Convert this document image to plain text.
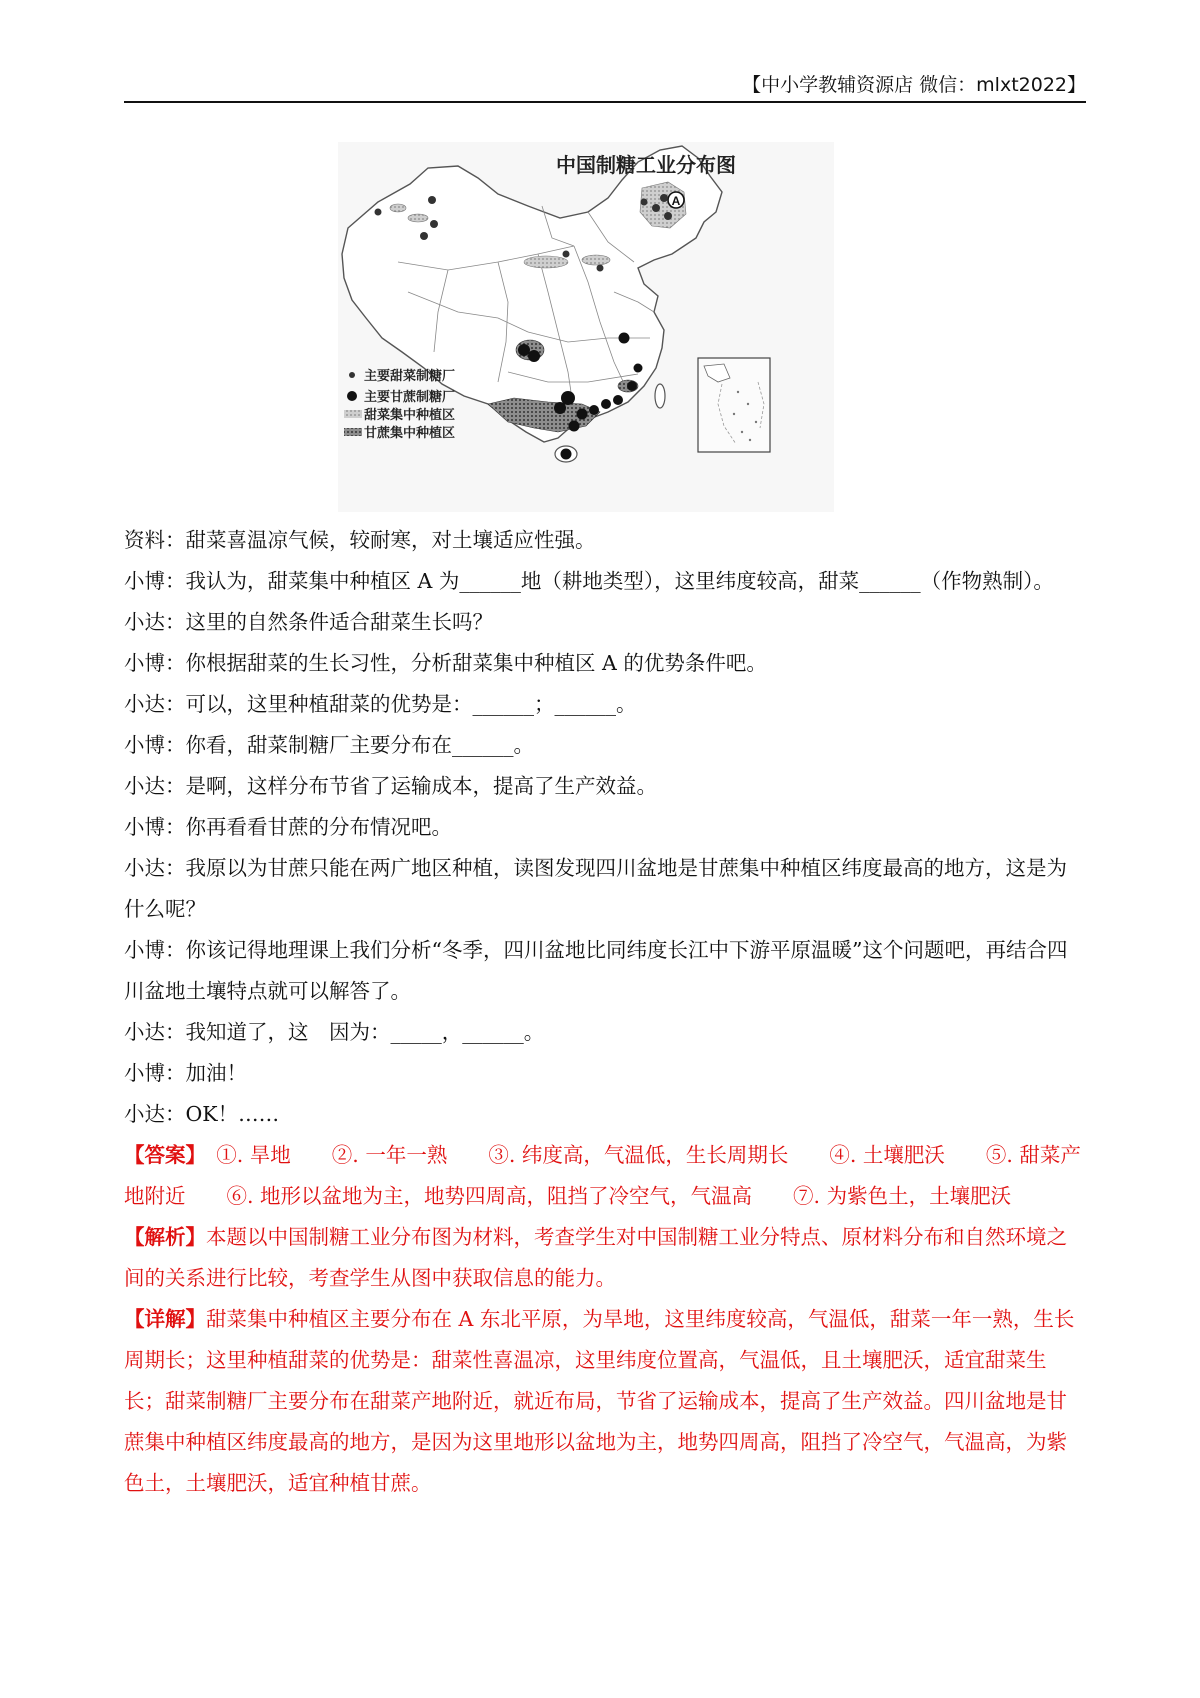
【中小学教辅资源店 微信：mlxt2022】
A
中国制糖工业分布图
主要甜菜制糖厂
主要甘蔗制糖厂
甜菜集中种植区
甘蔗集中种植区

资料：甜菜喜温凉气候，较耐寒，对土壤适应性强。

小博：我认为，甜菜集中种植区 A 为______地（耕地类型），这里纬度较高，甜菜______（作物熟制）。

小达：这里的自然条件适合甜菜生长吗？

小博：你根据甜菜的生长习性，分析甜菜集中种植区 A 的优势条件吧。

小达：可以，这里种植甜菜的优势是：______；______。

小博：你看，甜菜制糖厂主要分布在______。

小达：是啊，这样分布节省了运输成本，提高了生产效益。

小博：你再看看甘蔗的分布情况吧。

小达：我原以为甘蔗只能在两广地区种植，读图发现四川盆地是甘蔗集中种植区纬度最高的地方，这是为什么呢？

小博：你该记得地理课上我们分析“冬季，四川盆地比同纬度长江中下游平原温暖”这个问题吧，再结合四川盆地土壤特点就可以解答了。

小达：我知道了，这　因为：_____，______。

小博：加油！

小达：OK！……

【答案】　①. 旱地　　②. 一年一熟　　③. 纬度高，气温低，生长周期长　　④. 土壤肥沃　　⑤. 甜菜产地附近　　⑥. 地形以盆地为主，地势四周高，阻挡了冷空气，气温高　　⑦. 为紫色土，土壤肥沃

【解析】本题以中国制糖工业分布图为材料，考查学生对中国制糖工业分特点、原材料分布和自然环境之间的关系进行比较，考查学生从图中获取信息的能力。

【详解】甜菜集中种植区主要分布在 A 东北平原，为旱地，这里纬度较高，气温低，甜菜一年一熟，生长周期长；这里种植甜菜的优势是：甜菜性喜温凉，这里纬度位置高，气温低，且土壤肥沃，适宜甜菜生长；甜菜制糖厂主要分布在甜菜产地附近，就近布局，节省了运输成本，提高了生产效益。四川盆地是甘蔗集中种植区纬度最高的地方，是因为这里地形以盆地为主，地势四周高，阻挡了冷空气，气温高，为紫色土，土壤肥沃，适宜种植甘蔗。
